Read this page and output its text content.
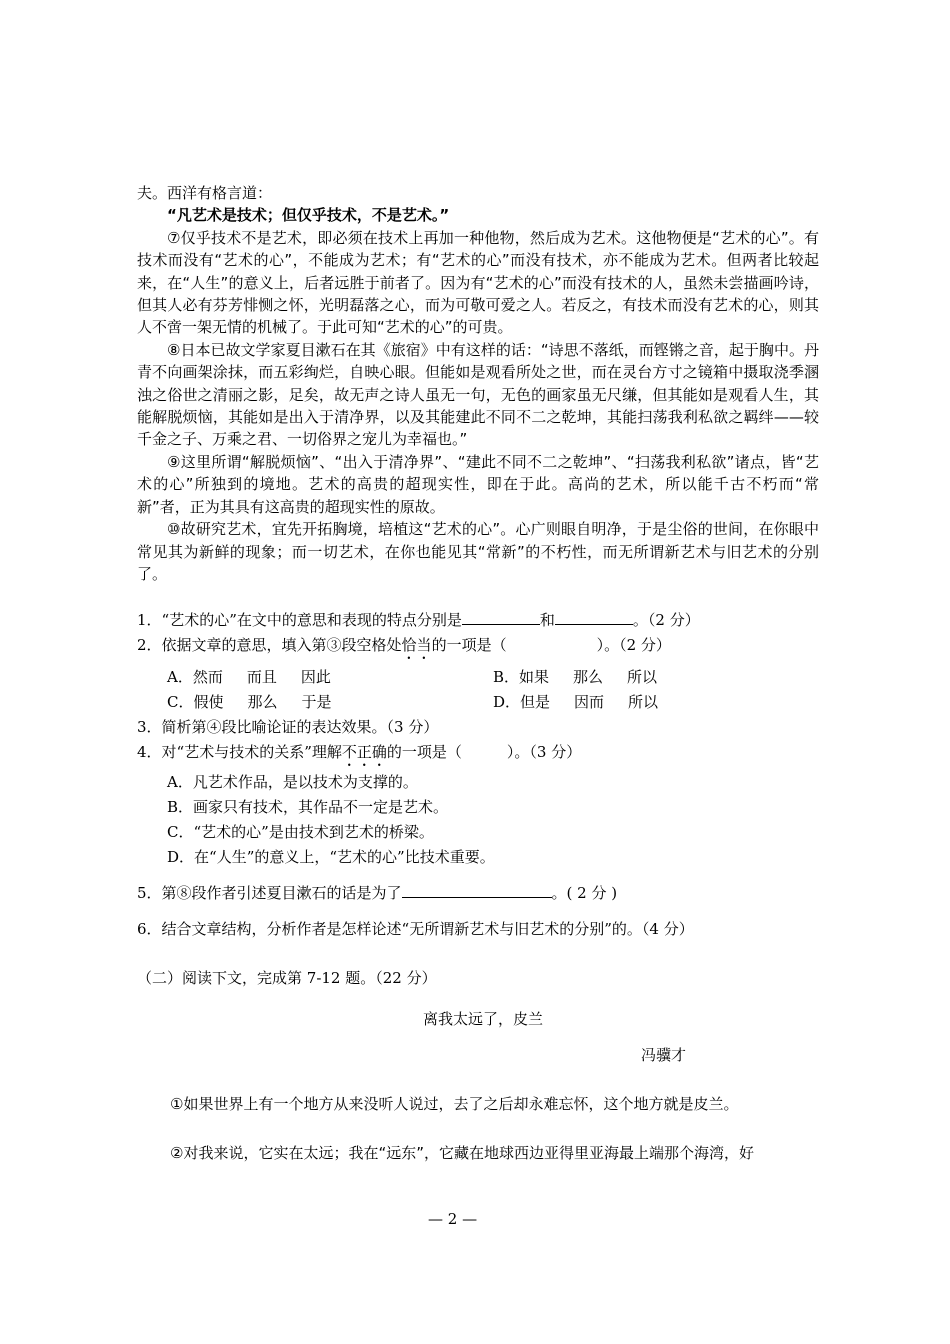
夫。西洋有格言道：

“凡艺术是技术；但仅乎技术，不是艺术。”

⑦仅乎技术不是艺术，即必须在技术上再加一种他物，然后成为艺术。这他物便是“艺术的心”。有技术而没有“艺术的心”，不能成为艺术；有“艺术的心”而没有技术，亦不能成为艺术。但两者比较起来，在“人生”的意义上，后者远胜于前者了。因为有“艺术的心”而没有技术的人，虽然未尝描画吟诗，但其人必有芬芳悱恻之怀，光明磊落之心，而为可敬可爱之人。若反之，有技术而没有艺术的心，则其人不啻一架无情的机械了。于此可知“艺术的心”的可贵。

⑧日本已故文学家夏目漱石在其《旅宿》中有这样的话：“诗思不落纸，而铿锵之音，起于胸中。丹青不向画架涂抹，而五彩绚烂，自映心眼。但能如是观看所处之世，而在灵台方寸之镜箱中摄取浇季溷浊之俗世之清丽之影，足矣，故无声之诗人虽无一句，无色的画家虽无尺缣，但其能如是观看人生，其能解脱烦恼，其能如是出入于清净界，以及其能建此不同不二之乾坤，其能扫荡我利私欲之羁绊——较千金之子、万乘之君、一切俗界之宠儿为幸福也。”

⑨这里所谓“解脱烦恼”、“出入于清净界”、“建此不同不二之乾坤”、“扫荡我利私欲”诸点，皆“艺术的心”所独到的境地。艺术的高贵的超现实性，即在于此。高尚的艺术，所以能千古不朽而“常新”者，正为其具有这高贵的超现实性的原故。

⑩故研究艺术，宜先开拓胸境，培植这“艺术的心”。心广则眼自明净，于是尘俗的世间，在你眼中常见其为新鲜的现象；而一切艺术，在你也能见其“常新”的不朽性，而无所谓新艺术与旧艺术的分别了。

1．“艺术的心”在文中的意思和表现的特点分别是	和	。（2 分）

2．依据文章的意思，填入第③段空格处恰当的一项是（　　　　　　）。（2 分）

A．然而 而且 因此	B．如果 那么 所以
C．假使 那么 于是	D．但是 因而 所以

3．简析第④段比喻论证的表达效果。（3 分）

4．对“艺术与技术的关系”理解不正确的一项是（　　　）。（3 分）

A．凡艺术作品，是以技术为支撑的。

B．画家只有技术，其作品不一定是艺术。

C．“艺术的心”是由技术到艺术的桥梁。

D．在“人生”的意义上，“艺术的心”比技术重要。

5．第⑧段作者引述夏目漱石的话是为了	。( 2 分 )

6．结合文章结构，分析作者是怎样论述“无所谓新艺术与旧艺术的分别”的。（4 分）

（二）阅读下文，完成第 7-12 题。（22 分）

离我太远了，皮兰

冯骥才

①如果世界上有一个地方从来没听人说过，去了之后却永难忘怀，这个地方就是皮兰。

②对我来说，它实在太远；我在“远东”，它藏在地球西边亚得里亚海最上端那个海湾，好

— 2 —
